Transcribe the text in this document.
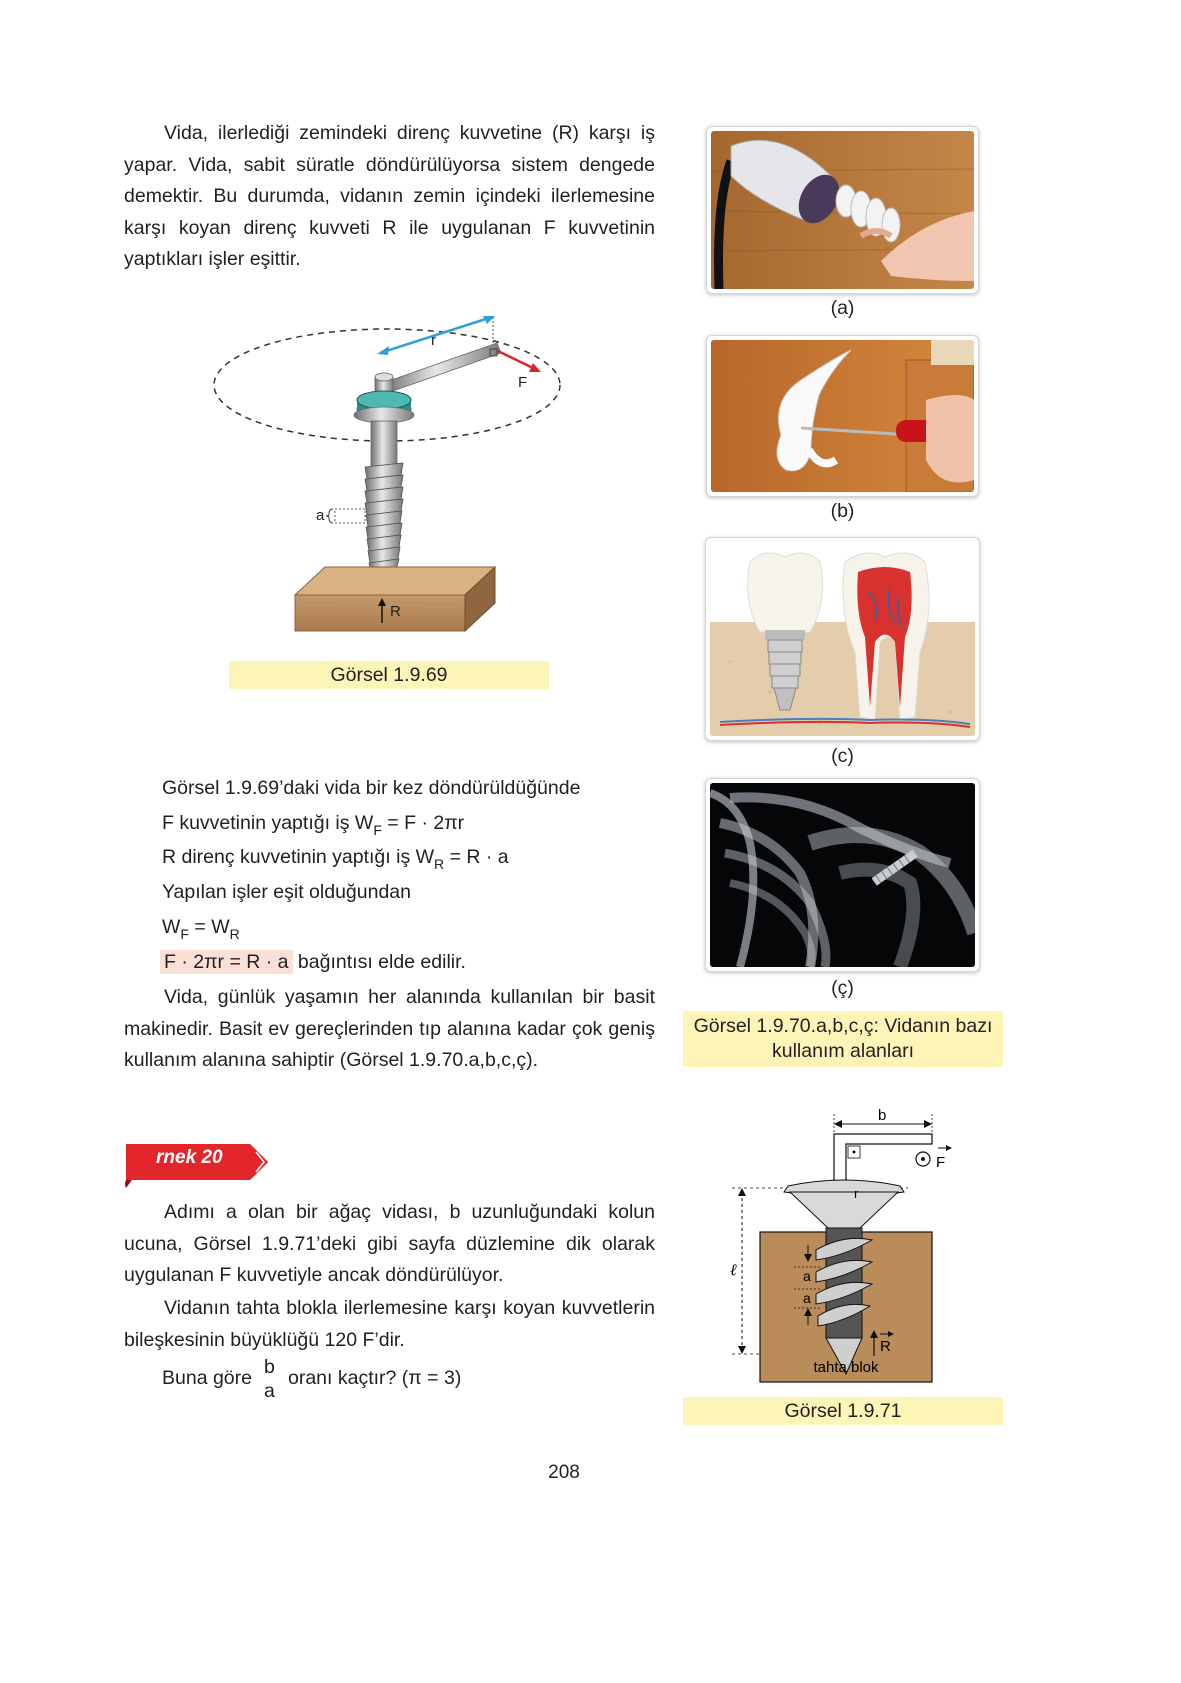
Vida, ilerlediği zemindeki direnç kuvvetine (R) karşı iş yapar. Vida, sabit süratle döndürülüyorsa sistem dengede demektir. Bu durumda, vidanın zemin içindeki ilerlemesine karşı koyan direnç kuvveti R ile uygulanan F kuvvetinin yaptıkları işler eşittir.
r
F
a
R
Görsel 1.9.69
Görsel 1.9.69’daki vida bir kez döndürüldüğünde
F kuvvetinin yaptığı iş $W_F = F \cdot 2\pi r$
R direnç kuvvetinin yaptığı iş $W_R = R \cdot a$
Yapılan işler eşit olduğundan
$W_F = W_R$
F · 2πr = R · a bağıntısı elde edilir.
Vida, günlük yaşamın her alanında kullanılan bir basit makinedir. Basit ev gereçlerinden tıp alanına kadar çok geniş kullanım alanına sahiptir (Görsel 1.9.70.a,b,c,ç).
(a)
(b)
(c)
(ç)
Görsel 1.9.70.a,b,c,ç: Vidanın bazı kullanım alanları
rnek 20
Adımı a olan bir ağaç vidası, b uzunluğundaki kolun ucuna, Görsel 1.9.71’deki gibi sayfa düzlemine dik olarak uygulanan F kuvvetiyle ancak döndürülüyor.
Vidanın tahta blokla ilerlemesine karşı koyan kuvvetlerin bileşkesinin büyüklüğü 120 F’dir.
Buna göre b
a
oranı kaçtır? (π = 3)
b
F
ℓ
r
a
a
R
tahta blok
Görsel 1.9.71
208
